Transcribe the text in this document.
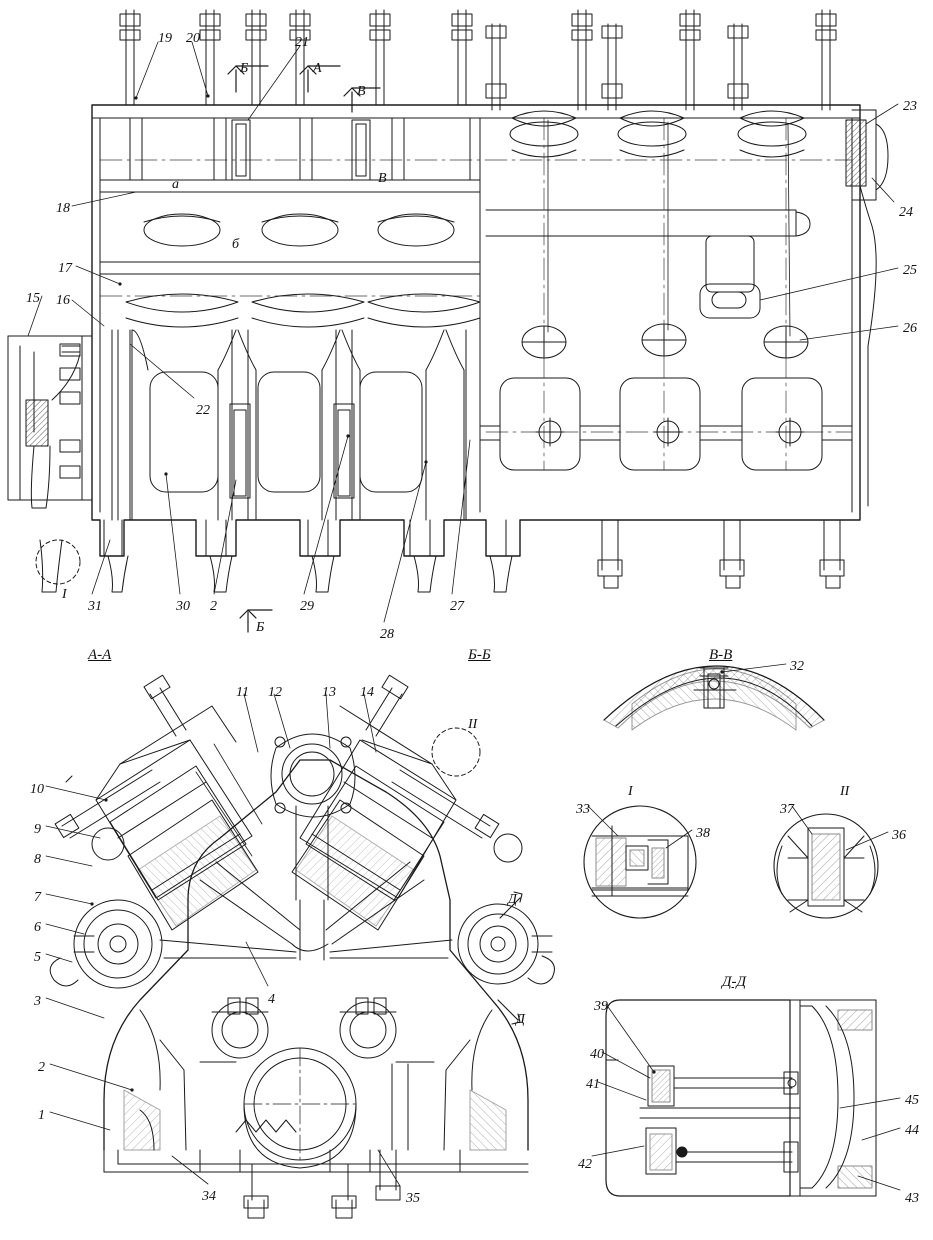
А-А	Б-Б	В-В
Д-Д
I	II
II
I
Б	А
В
В
Б
а
б
Д
Д
19 20	21
23
24
25
26
18
17
15 16
22
31	30 2	29
28
27
10
9
8
7
6
5
3
2
1
34	35
4
11 12	13 14
32
33
38
37
36
39
40
41
42
45
44
43
